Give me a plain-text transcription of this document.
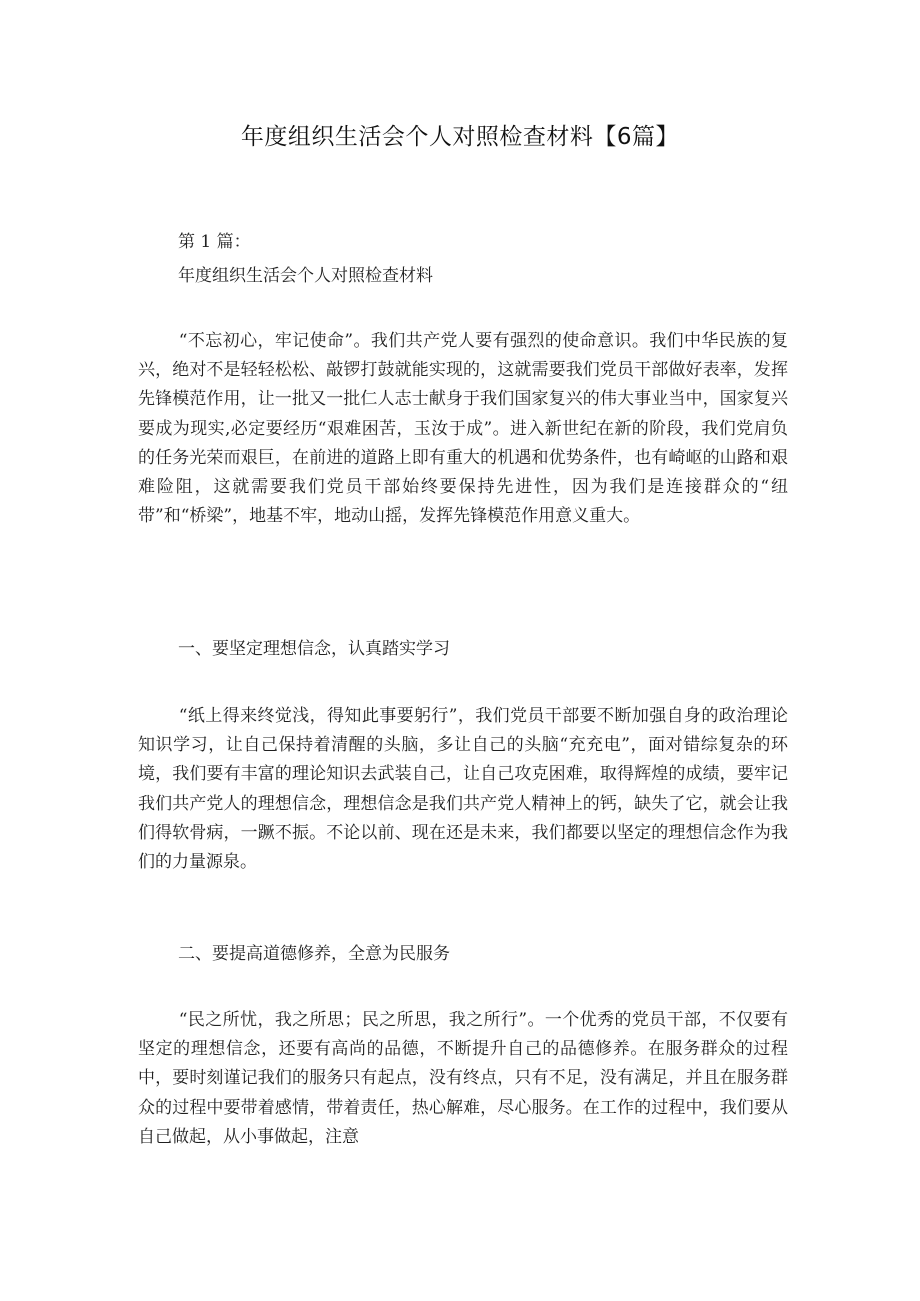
年度组织生活会个人对照检查材料【6篇】
第 1 篇：
年度组织生活会个人对照检查材料

“不忘初心，牢记使命”。我们共产党人要有强烈的使命意识。我们中华民族的复兴，绝对不是轻轻松松、敲锣打鼓就能实现的，这就需要我们党员干部做好表率，发挥先锋模范作用，让一批又一批仁人志士献身于我们国家复兴的伟大事业当中，国家复兴要成为现实,必定要经历“艰难困苦，玉汝于成”。进入新世纪在新的阶段，我们党肩负的任务光荣而艰巨，在前进的道路上即有重大的机遇和优势条件，也有崎岖的山路和艰难险阻，这就需要我们党员干部始终要保持先进性，因为我们是连接群众的“纽带”和“桥梁”，地基不牢，地动山摇，发挥先锋模范作用意义重大。

一、要坚定理想信念，认真踏实学习

“纸上得来终觉浅，得知此事要躬行”，我们党员干部要不断加强自身的政治理论知识学习，让自己保持着清醒的头脑，多让自己的头脑“充充电”，面对错综复杂的环境，我们要有丰富的理论知识去武装自己，让自己攻克困难，取得辉煌的成绩，要牢记我们共产党人的理想信念，理想信念是我们共产党人精神上的钙，缺失了它，就会让我们得软骨病，一蹶不振。不论以前、现在还是未来，我们都要以坚定的理想信念作为我们的力量源泉。

二、要提高道德修养，全意为民服务

“民之所忧，我之所思；民之所思，我之所行”。一个优秀的党员干部，不仅要有坚定的理想信念，还要有高尚的品德，不断提升自己的品德修养。在服务群众的过程中，要时刻谨记我们的服务只有起点，没有终点，只有不足，没有满足，并且在服务群众的过程中要带着感情，带着责任，热心解难，尽心服务。在工作的过程中，我们要从自己做起，从小事做起，注意
